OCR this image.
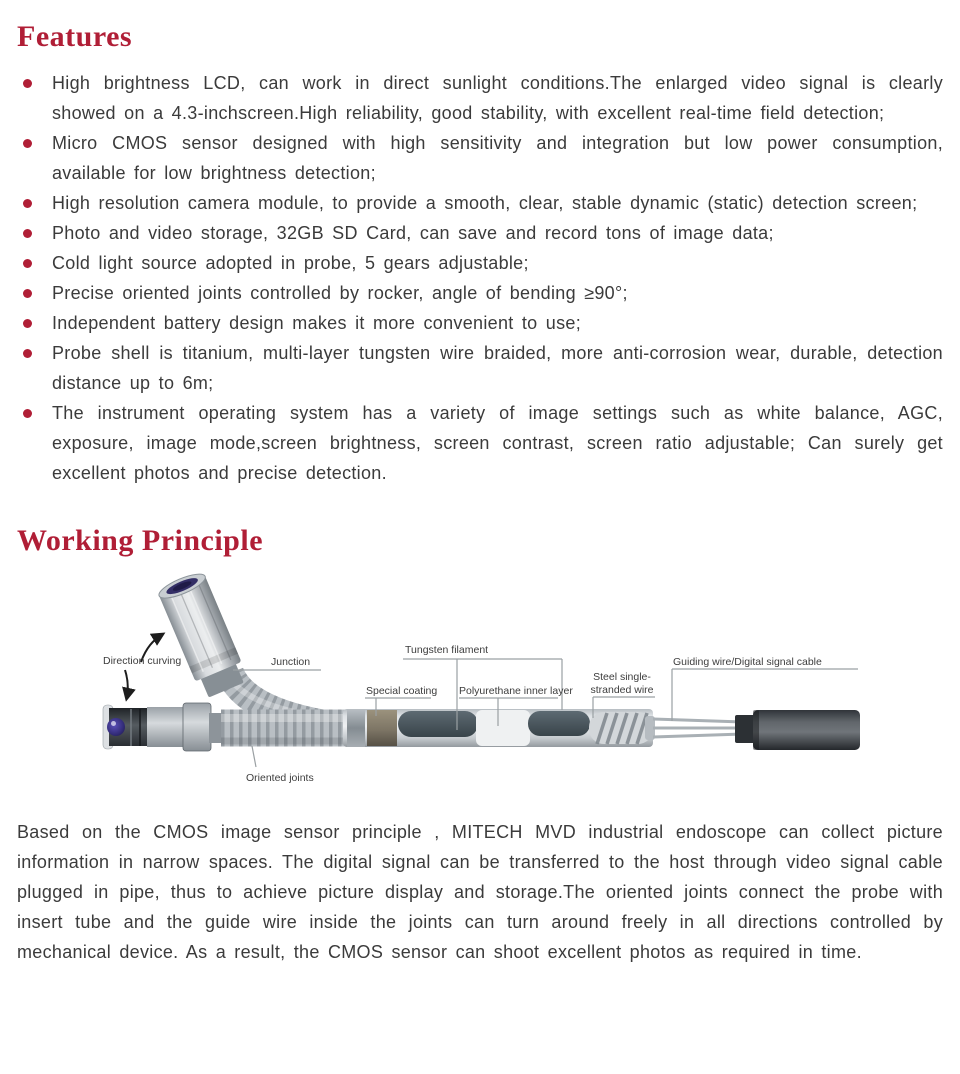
Features
High brightness LCD, can work in direct sunlight conditions.The enlarged video signal is clearly showed on a 4.3-inchscreen.High reliability, good stability, with excellent real-time field detection;
Micro CMOS sensor designed with high sensitivity and integration but low power consumption, available for low brightness detection;
High resolution camera module, to provide a smooth, clear, stable dynamic (static) detection screen;
Photo and video storage, 32GB SD Card, can save and record tons of image data;
Cold light source adopted in probe, 5 gears adjustable;
Precise oriented joints controlled by rocker, angle of bending ≥90°;
Independent battery design makes it more convenient to use;
Probe shell is titanium, multi-layer tungsten wire braided, more anti-corrosion wear, durable, detection distance up to 6m;
The instrument operating system has a variety of image settings such as white balance, AGC, exposure, image mode,screen brightness, screen contrast, screen ratio adjustable; Can surely get excellent photos and precise detection.
Working Principle
Direction curving	Junction
Oriented joints
Special coating
Tungsten filament
Polyurethane inner layer
Steel single-
stranded wire
Guiding wire/Digital signal cable

Based on the CMOS image sensor principle , MITECH MVD industrial endoscope can collect picture information in narrow spaces. The digital signal can be transferred to the host through video signal cable plugged in pipe, thus to achieve picture display and storage.The oriented joints connect the probe with insert tube and the guide wire inside the joints can turn around freely in all directions controlled by mechanical device. As a result, the CMOS sensor can shoot excellent photos as required in time.
